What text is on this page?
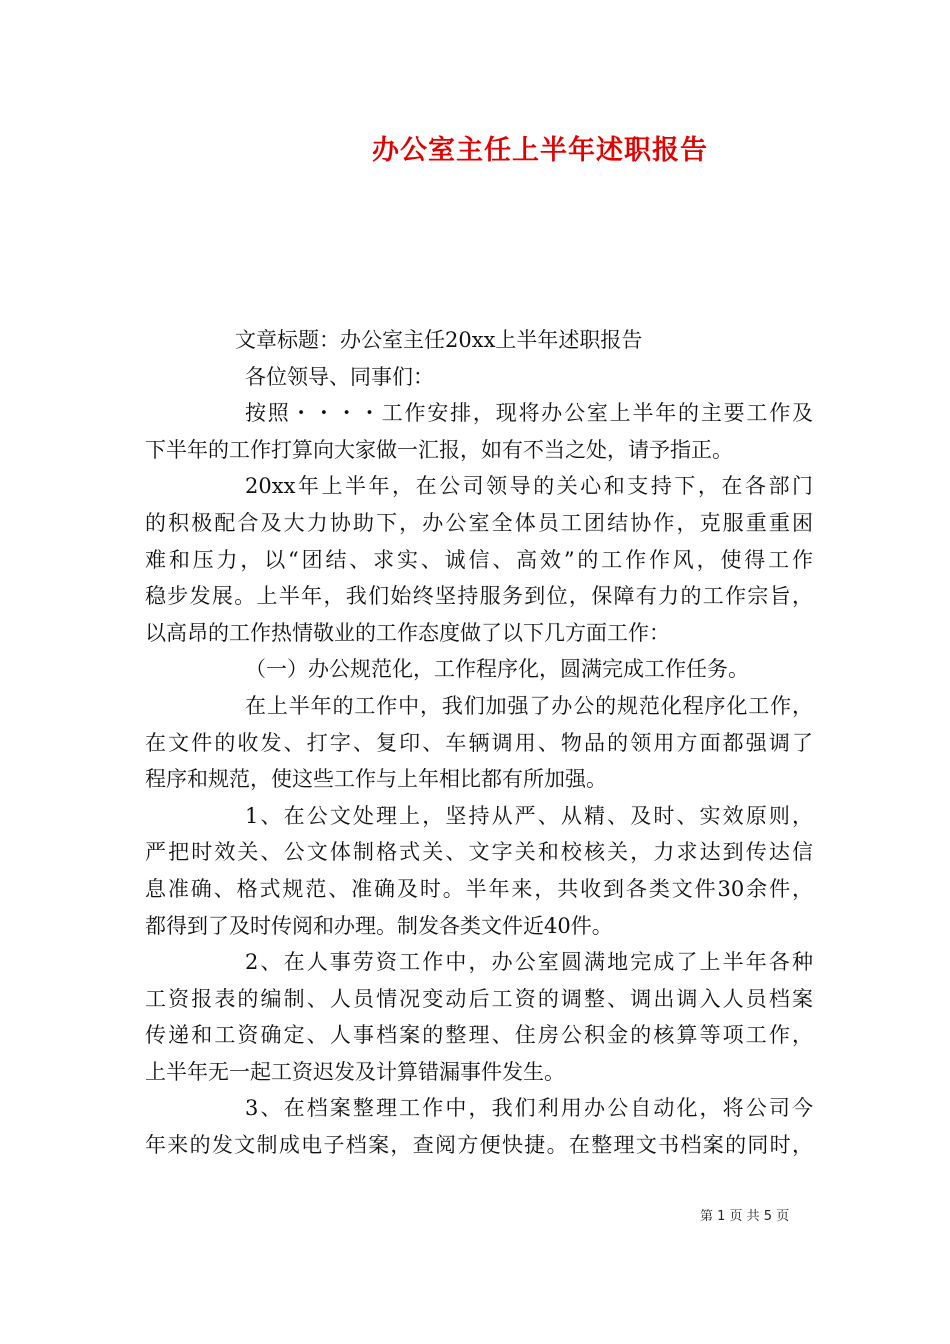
办公室主任上半年述职报告
文章标题：办公室主任20xx上半年述职报告
各位领导、同事们：
按照・・・・工作安排，现将办公室上半年的主要工作及
下半年的工作打算向大家做一汇报，如有不当之处，请予指正。
20xx年上半年，在公司领导的关心和支持下，在各部门
的积极配合及大力协助下，办公室全体员工团结协作，克服重重困
难和压力，以“团结、求实、诚信、高效”的工作作风，使得工作
稳步发展。上半年，我们始终坚持服务到位，保障有力的工作宗旨，
以高昂的工作热情敬业的工作态度做了以下几方面工作：
（一）办公规范化，工作程序化，圆满完成工作任务。
在上半年的工作中，我们加强了办公的规范化程序化工作，
在文件的收发、打字、复印、车辆调用、物品的领用方面都强调了
程序和规范，使这些工作与上年相比都有所加强。
1、在公文处理上，坚持从严、从精、及时、实效原则，
严把时效关、公文体制格式关、文字关和校核关，力求达到传达信
息准确、格式规范、准确及时。半年来，共收到各类文件30余件，
都得到了及时传阅和办理。制发各类文件近40件。
2、在人事劳资工作中，办公室圆满地完成了上半年各种
工资报表的编制、人员情况变动后工资的调整、调出调入人员档案
传递和工资确定、人事档案的整理、住房公积金的核算等项工作，
上半年无一起工资迟发及计算错漏事件发生。
3、在档案整理工作中，我们利用办公自动化，将公司今
年来的发文制成电子档案，查阅方便快捷。在整理文书档案的同时，
第 1 页 共 5 页
